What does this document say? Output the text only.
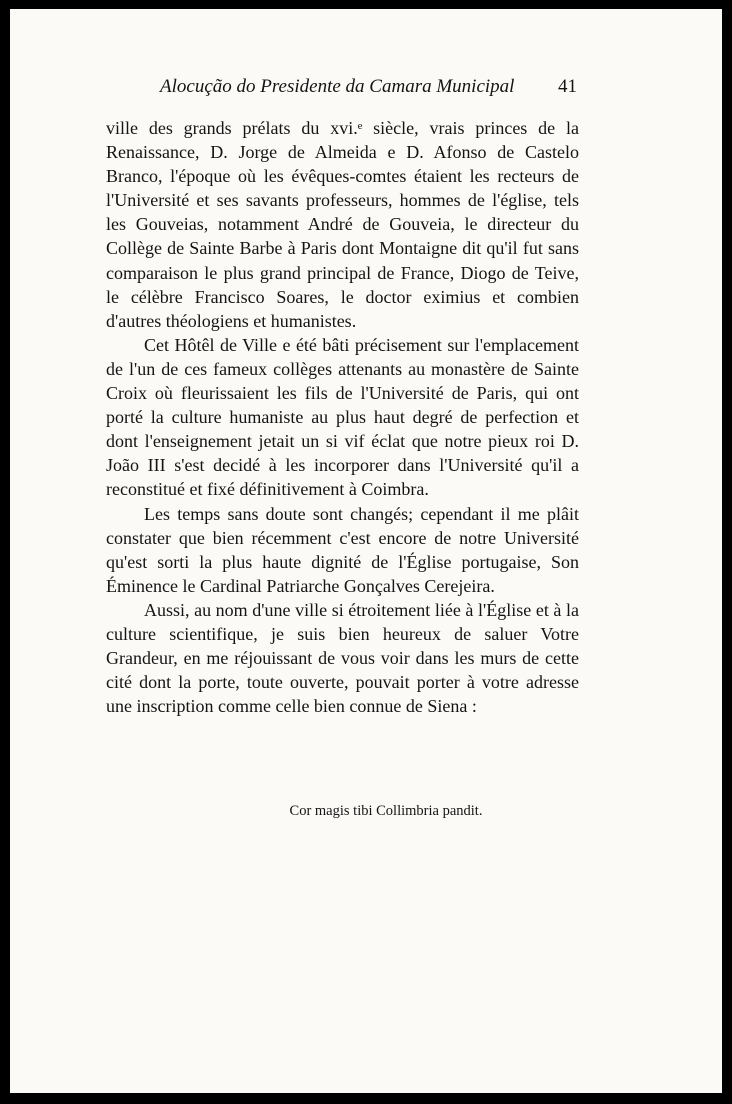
Alocução do Presidente da Camara Municipal 41

ville des grands prélats du xvi.ᵉ siècle, vrais princes de la Renaissance, D. Jorge de Almeida e D. Afonso de Castelo Branco, l'époque où les évêques-comtes étaient les recteurs de l'Université et ses savants professeurs, hommes de l'église, tels les Gouveias, notamment André de Gouveia, le directeur du Collège de Sainte Barbe à Paris dont Montaigne dit qu'il fut sans comparaison le plus grand principal de France, Diogo de Teive, le célèbre Francisco Soares, le doctor eximius et combien d'autres théologiens et humanistes.

Cet Hôtêl de Ville e été bâti précisement sur l'emplacement de l'un de ces fameux collèges attenants au monastère de Sainte Croix où fleurissaient les fils de l'Université de Paris, qui ont porté la culture humaniste au plus haut degré de perfection et dont l'enseignement jetait un si vif éclat que notre pieux roi D. João III s'est decidé à les incorporer dans l'Université qu'il a reconstitué et fixé définitivement à Coimbra.

Les temps sans doute sont changés; cependant il me plâit constater que bien récemment c'est encore de notre Université qu'est sorti la plus haute dignité de l'Église portugaise, Son Éminence le Cardinal Patriarche Gonçalves Cerejeira.

Aussi, au nom d'une ville si étroitement liée à l'Église et à la culture scientifique, je suis bien heureux de saluer Votre Grandeur, en me réjouissant de vous voir dans les murs de cette cité dont la porte, toute ouverte, pouvait porter à votre adresse une inscription comme celle bien connue de Siena :

Cor magis tibi Collimbria pandit.
